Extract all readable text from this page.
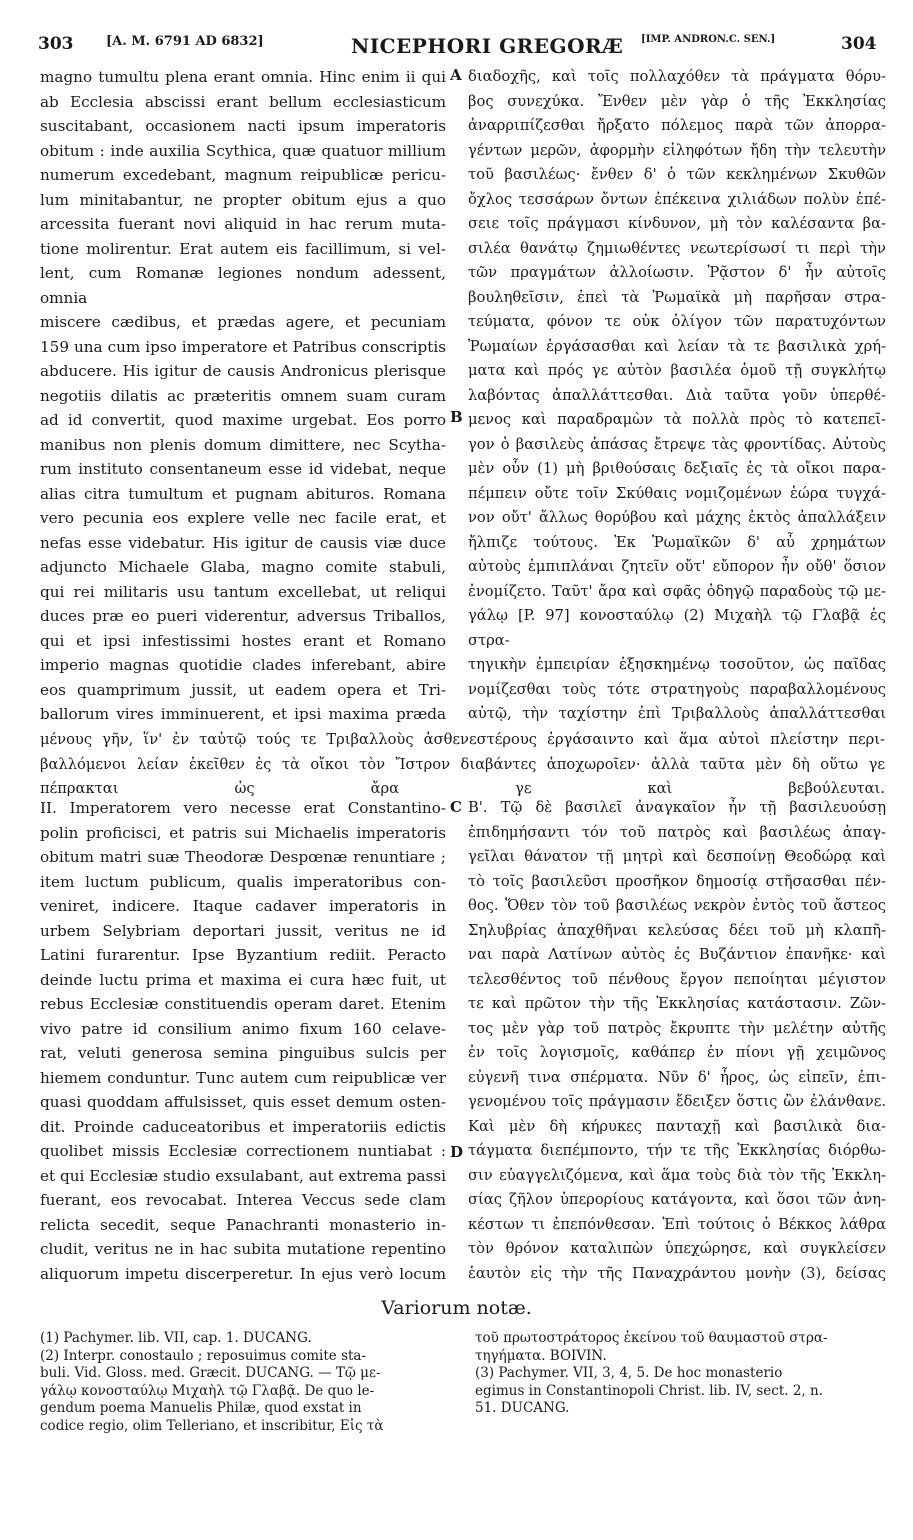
303	[A. M. 6791 AD 6832]	NICEPHORI GREGORÆ [IMP. ANDRON.C. SEN.]	304

magno tumultu plena erant omnia. Hinc enim ii qui
ab Ecclesia abscissi erant bellum ecclesiasticum
suscitabant, occasionem nacti ipsum imperatoris
obitum : inde auxilia Scythica, quæ quatuor millium
numerum excedebant, magnum reipublicæ pericu-
lum minitabantur, ne propter obitum ejus a quo
arcessita fuerant novi aliquid in hac rerum muta-
tione molirentur. Erat autem eis facillimum, si vel-
lent, cum Romanæ legiones nondum adessent, omnia
miscere cædibus, et prædas agere, et pecuniam
159 una cum ipso imperatore et Patribus conscriptis
abducere. His igitur de causis Andronicus plerisque
negotiis dilatis ac præteritis omnem suam curam
ad id convertit, quod maxime urgebat. Eos porro
manibus non plenis domum dimittere, nec Scytha-
rum instituto consentaneum esse id videbat, neque
alias citra tumultum et pugnam abituros. Romana
vero pecunia eos explere velle nec facile erat, et
nefas esse videbatur. His igitur de causis viæ duce
adjuncto Michaele Glaba, magno comite stabuli,
qui rei militaris usu tantum excellebat, ut reliqui
duces præ eo pueri viderentur, adversus Triballos,
qui et ipsi infestissimi hostes erant et Romano
imperio magnas quotidie clades inferebant, abire
eos quamprimum jussit, ut eadem opera et Tri-
ballorum vires imminuerent, et ipsi maxima præda

διαδοχῆς, καὶ τοῖς πολλαχόθεν τὰ πράγματα θόρυ-
βος συνεχύκα. Ἔνθεν μὲν γὰρ ὁ τῆς Ἐκκλησίας
ἀναρριπίζεσθαι ἤρξατο πόλεμος παρὰ τῶν ἀπορρα-
γέντων μερῶν, ἀφορμὴν εἰληφότων ἤδη τὴν τελευτὴν
τοῦ βασιλέως· ἔνθεν δ' ὁ τῶν κεκλημένων Σκυθῶν
ὄχλος τεσσάρων ὄντων ἐπέκεινα χιλιάδων πολὺν ἐπέ-
σειε τοῖς πράγμασι κίνδυνον, μὴ τὸν καλέσαντα βα-
σιλέα θανάτῳ ζημιωθέντες νεωτερίσωσί τι περὶ τὴν
τῶν πραγμάτων ἀλλοίωσιν. Ῥᾷστον δ' ἦν αὐτοῖς
βουληθεῖσιν, ἐπεὶ τὰ Ῥωμαϊκὰ μὴ παρῆσαν στρα-
τεύματα, φόνον τε οὐκ ὀλίγον τῶν παρατυχόντων
Ῥωμαίων ἐργάσασθαι καὶ λείαν τὰ τε βασιλικὰ χρή-
ματα καὶ πρός γε αὐτὸν βασιλέα ὁμοῦ τῇ συγκλήτῳ
λαβόντας ἀπαλλάττεσθαι. Διὰ ταῦτα γοῦν ὑπερθέ-
μενος καὶ παραδραμὼν τὰ πολλὰ πρὸς τὸ κατεπεῖ-
γον ὁ βασιλεὺς ἁπάσας ἔτρεψε τὰς φροντίδας. Αὐτοὺς
μὲν οὖν (1) μὴ βριθούσαις δεξιαῖς ἐς τὰ οἴκοι παρα-
πέμπειν οὔτε τοῖν Σκύθαις νομιζομένων ἑώρα τυγχά-
νον οὔτ' ἄλλως θορύβου καὶ μάχης ἐκτὸς ἀπαλλάξειν
ἤλπιζε τούτους. Ἐκ Ῥωμαϊκῶν δ' αὖ χρημάτων
αὐτοὺς ἐμπιπλάναι ζητεῖν οὔτ' εὔπορον ἦν οὔθ' ὅσιον
ἐνομίζετο. Ταῦτ' ἄρα καὶ σφᾶς ὁδηγῷ παραδοὺς τῷ με-
γάλῳ [P. 97] κονοσταύλῳ (2) Μιχαὴλ τῷ Γλαβᾷ ἐς στρα-
τηγικὴν ἐμπειρίαν ἐξησκημένῳ τοσοῦτον, ὡς παῖδας
νομίζεσθαι τοὺς τότε στρατηγοὺς παραβαλλομένους
αὐτῷ, τὴν ταχίστην ἐπὶ Τριβαλλοὺς ἀπαλλάττεσθαι

μένους γῆν, ἵν' ἐν ταὐτῷ τούς τε Τριβαλλοὺς ἀσθενεστέρους ἐργάσαιντο καὶ ἅμα αὐτοὶ πλείστην περι-
βαλλόμενοι λείαν ἐκεῖθεν ἐς τὰ οἴκοι τὸν Ἴστρον διαβάντες ἀποχωροῖεν· ἀλλὰ ταῦτα μὲν δὴ οὕτω γε
πέπρακται ὡς ἄρα γε καὶ βεβούλευται.

II. Imperatorem vero necesse erat Constantino-
polin proficisci, et patris sui Michaelis imperatoris
obitum matri suæ Theodoræ Despœnæ renuntiare ;
item luctum publicum, qualis imperatoribus con-
veniret, indicere. Itaque cadaver imperatoris in
urbem Selybriam deportari jussit, veritus ne id
Latini furarentur. Ipse Byzantium rediit. Peracto
deinde luctu prima et maxima ei cura hæc fuit, ut
rebus Ecclesiæ constituendis operam daret. Etenim
vivo patre id consilium animo fixum 160 celave-
rat, veluti generosa semina pinguibus sulcis per
hiemem conduntur. Tunc autem cum reipublicæ ver
quasi quoddam affulsisset, quis esset demum osten-
dit. Proinde caduceatoribus et imperatoriis edictis
quolibet missis Ecclesiæ correctionem nuntiabat :
et qui Ecclesiæ studio exsulabant, aut extrema passi
fuerant, eos revocabat. Interea Veccus sede clam
relicta secedit, seque Panachranti monasterio in-
cludit, veritus ne in hac subita mutatione repentino
aliquorum impetu discerperetur. In ejus verò locum

Β'. Τῷ δὲ βασιλεῖ ἀναγκαῖον ἦν τῇ βασιλευούσῃ
ἐπιδημήσαντι τόν τοῦ πατρὸς καὶ βασιλέως ἀπαγ-
γεῖλαι θάνατον τῇ μητρὶ καὶ δεσποίνῃ Θεοδώρᾳ καὶ
τὸ τοῖς βασιλεῦσι προσῆκον δημοσίᾳ στῆσασθαι πέν-
θος. Ὅθεν τὸν τοῦ βασιλέως νεκρὸν ἐντὸς τοῦ ἄστεος
Σηλυβρίας ἀπαχθῆναι κελεύσας δέει τοῦ μὴ κλαπῆ-
ναι παρὰ Λατίνων αὐτὸς ἐς Βυζάντιον ἐπανῆκε· καὶ
τελεσθέντος τοῦ πένθους ἔργον πεποίηται μέγιστον
τε καὶ πρῶτον τὴν τῆς Ἐκκλησίας κατάστασιν. Ζῶν-
τος μὲν γὰρ τοῦ πατρὸς ἔκρυπτε τὴν μελέτην αὐτῆς
ἐν τοῖς λογισμοῖς, καθάπερ ἐν πίονι γῇ χειμῶνος
εὐγενῆ τινα σπέρματα. Νῦν δ' ἦρος, ὡς εἰπεῖν, ἐπι-
γενομένου τοῖς πράγμασιν ἔδειξεν ὅστις ὢν ἐλάνθανε.
Καὶ μὲν δὴ κήρυκες πανταχῇ καὶ βασιλικὰ δια-
τάγματα διεπέμποντο, τήν τε τῆς Ἐκκλησίας διόρθω-
σιν εὐαγγελιζόμενα, καὶ ἅμα τοὺς διὰ τὸν τῆς Ἐκκλη-
σίας ζῆλον ὑπερορίους κατάγοντα, καὶ ὅσοι τῶν ἀνη-
κέστων τι ἐπεπόνθεσαν. Ἐπὶ τούτοις ὁ Βέκκος λάθρα
τὸν θρόνον καταλιπὼν ὑπεχώρησε, καὶ συγκλείσεν
ἑαυτὸν εἰς τὴν τῆς Παναχράντου μονὴν (3), δείσας

A
B
C
D
Variorum notæ.

(1) Pachymer. lib. VII, cap. 1. DUCANG.
(2) Interpr. conostaulo ; reposuimus comite sta-
buli. Vid. Gloss. med. Græcit. DUCANG. — Τῷ με-
γάλῳ κονοσταύλῳ Μιχαὴλ τῷ Γλαβᾷ. De quo le-
gendum poema Manuelis Philæ, quod exstat in
codice regio, olim Telleriano, et inscribitur, Εἰς τὰ

τοῦ πρωτοστράτορος ἐκείνου τοῦ θαυμαστοῦ στρα-
τηγήματα. BOIVIN.
(3) Pachymer. VII, 3, 4, 5. De hoc monasterio
egimus in Constantinopoli Christ. lib. IV, sect. 2, n.
51. DUCANG.
